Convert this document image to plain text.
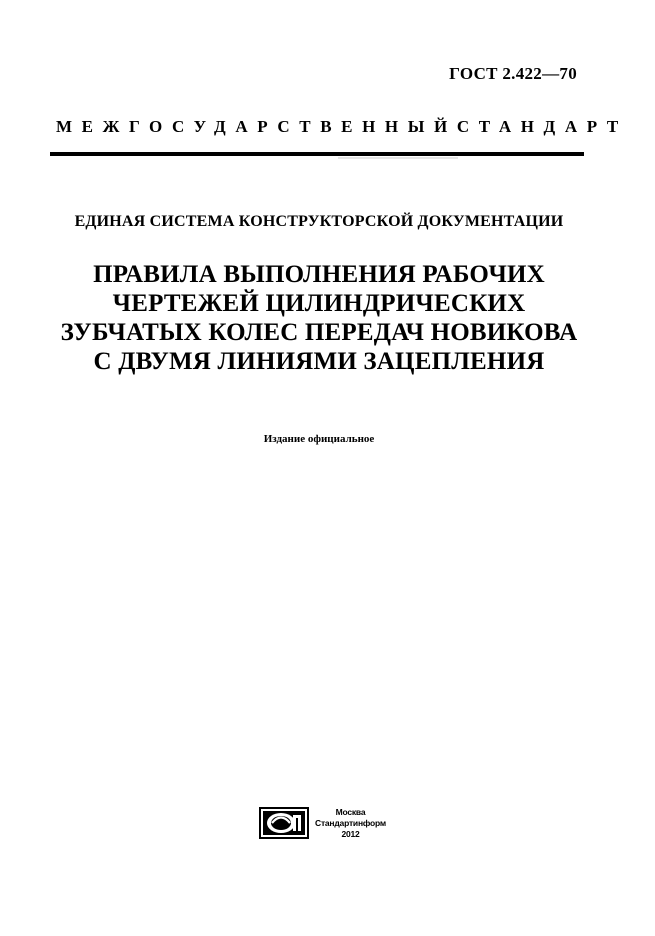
ГОСТ 2.422—70
МЕЖГОСУДАРСТВЕННЫЙ СТАНДАРТ
ЕДИНАЯ СИСТЕМА КОНСТРУКТОРСКОЙ ДОКУМЕНТАЦИИ
ПРАВИЛА ВЫПОЛНЕНИЯ РАБОЧИХ
ЧЕРТЕЖЕЙ ЦИЛИНДРИЧЕСКИХ
ЗУБЧАТЫХ КОЛЕС ПЕРЕДАЧ НОВИКОВА
С ДВУМЯ ЛИНИЯМИ ЗАЦЕПЛЕНИЯ
Издание официальное
Москва
Стандартинформ
2012
